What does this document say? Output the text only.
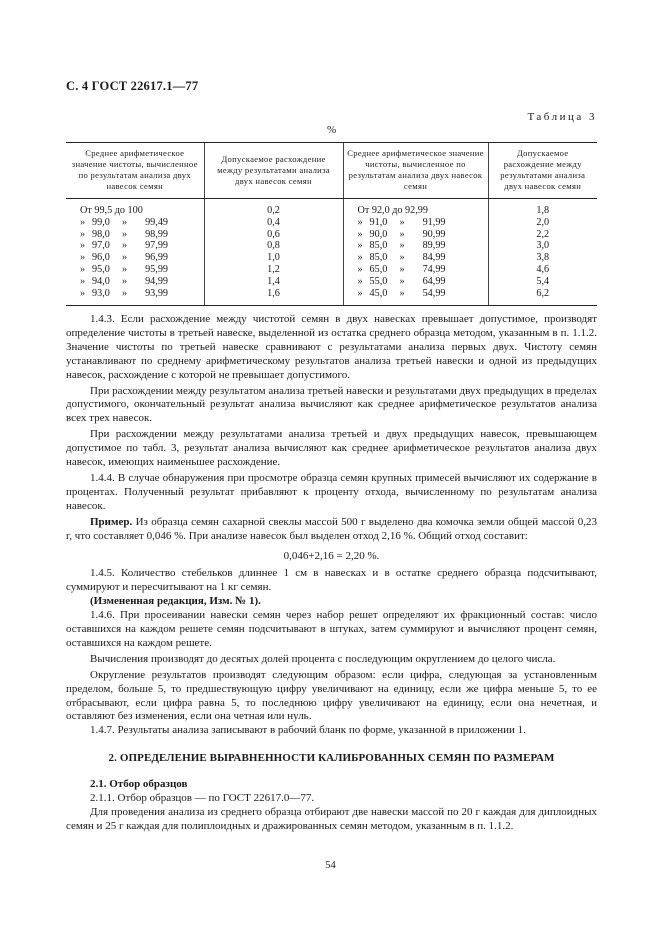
С. 4 ГОСТ 22617.1—77
Таблица 3
%
Среднее арифметическое значение чистоты, вычисленное по результатам анализа двух навесок семян	Допускаемое расхождение между результатами анализа двух навесок семян	Среднее арифметическое значение чистоты, вычисленное по результатам анализа двух навесок семян	Допускаемое расхождение между результатами анализа двух навесок семян
От 99,5 до 100	0,2	От 92,0 до 92,99	1,8
» 99,0 » 99,49	0,4	» 91,0 » 91,99	2,0
» 98,0 » 98,99	0,6	» 90,0 » 90,99	2,2
» 97,0 » 97,99	0,8	» 85,0 » 89,99	3,0
» 96,0 » 96,99	1,0	» 85,0 » 84,99	3,8
» 95,0 » 95,99	1,2	» 65,0 » 74,99	4,6
» 94,0 » 94,99	1,4	» 55,0 » 64,99	5,4
» 93,0 » 93,99	1,6	» 45,0 » 54,99	6,2

1.4.3. Если расхождение между чистотой семян в двух навесках превышает допустимое, производят определение чистоты в третьей навеске, выделенной из остатка среднего образца методом, указанным в п. 1.1.2. Значение чистоты по третьей навеске сравнивают с результатами анализа первых двух. Чистоту семян устанавливают по среднему арифметическому результатов анализа третьей навески и одной из предыдущих навесок, расхождение с которой не превышает допустимого.

При расхождении между результатом анализа третьей навески и результатами двух предыдущих в пределах допустимого, окончательный результат анализа вычисляют как среднее арифметическое результатов анализа всех трех навесок.

При расхождении между результатами анализа третьей и двух предыдущих навесок, превышающем допустимое по табл. 3, результат анализа вычисляют как среднее арифметическое результатов анализа двух навесок, имеющих наименьшее расхождение.

1.4.4. В случае обнаружения при просмотре образца семян крупных примесей вычисляют их содержание в процентах. Полученный результат прибавляют к проценту отхода, вычисленному по результатам анализа навесок.

Пример. Из образца семян сахарной свеклы массой 500 г выделено два комочка земли общей массой 0,23 г, что составляет 0,046 %. При анализе навесок был выделен отход 2,16 %. Общий отход составит:

0,046+2,16 = 2,20 %.

1.4.5. Количество стебельков длиннее 1 см в навесках и в остатке среднего образца подсчитывают, суммируют и пересчитывают на 1 кг семян.

(Измененная редакция, Изм. № 1).

1.4.6. При просеивании навески семян через набор решет определяют их фракционный состав: число оставшихся на каждом решете семян подсчитывают в штуках, затем суммируют и вычисляют процент семян, оставшихся на каждом решете.

Вычисления производят до десятых долей процента с последующим округлением до целого числа.

Округление результатов производят следующим образом: если цифра, следующая за установленным пределом, больше 5, то предшествующую цифру увеличивают на единицу, если же цифра меньше 5, то ее отбрасывают, если цифра равна 5, то последнюю цифру увеличивают на единицу, если она нечетная, и оставляют без изменения, если она четная или нуль.

1.4.7. Результаты анализа записывают в рабочий бланк по форме, указанной в приложении 1.

2. ОПРЕДЕЛЕНИЕ ВЫРАВНЕННОСТИ КАЛИБРОВАННЫХ СЕМЯН ПО РАЗМЕРАМ

2.1. Отбор образцов

2.1.1. Отбор образцов — по ГОСТ 22617.0—77.

Для проведения анализа из среднего образца отбирают две навески массой по 20 г каждая для диплоидных семян и 25 г каждая для полиплоидных и дражированных семян методом, указанным в п. 1.1.2.

54
